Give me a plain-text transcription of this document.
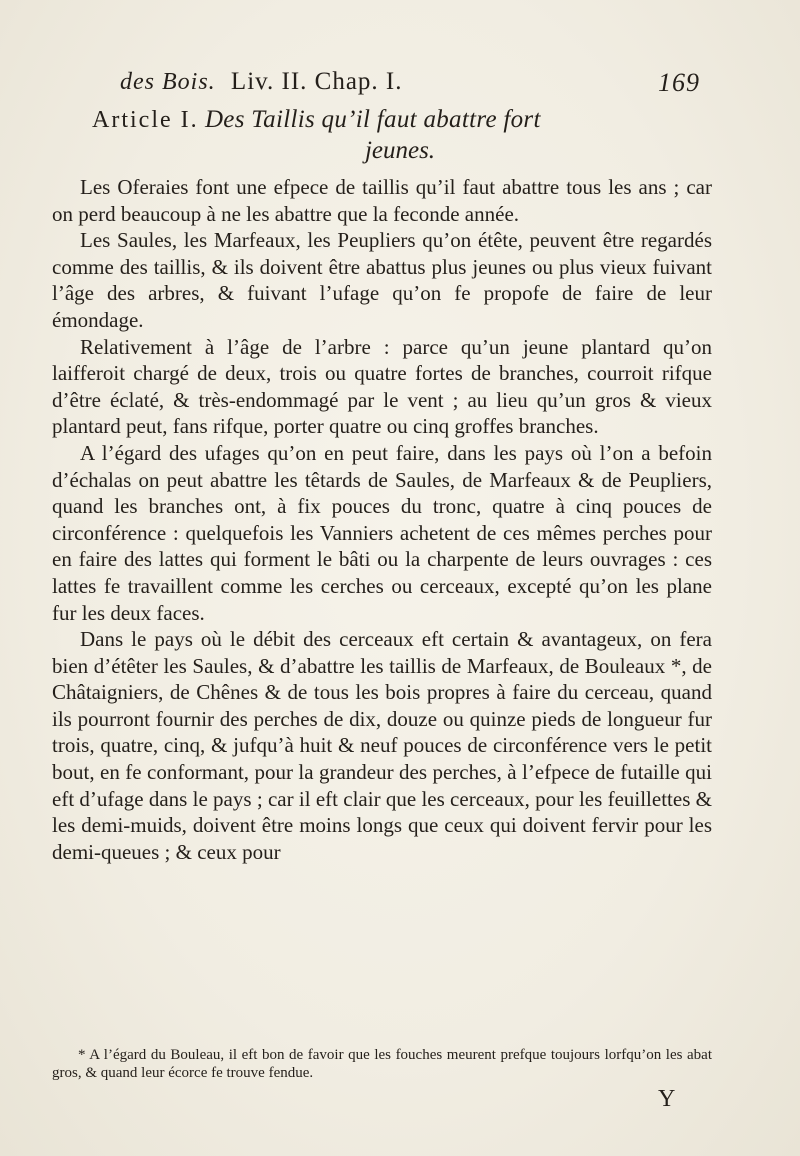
des Bois. Liv. II. Chap. I.	169
Article I. Des Taillis qu’il faut abattre fort
jeunes.

Les Oferaies font une efpece de taillis qu’il faut abattre tous les ans ; car on perd beaucoup à ne les abattre que la feconde année.

Les Saules, les Marfeaux, les Peupliers qu’on étête, peuvent être regardés comme des taillis, & ils doivent être abattus plus jeunes ou plus vieux fuivant l’âge des arbres, & fuivant l’ufage qu’on fe propofe de faire de leur émondage.

Relativement à l’âge de l’arbre : parce qu’un jeune plantard qu’on laifferoit chargé de deux, trois ou quatre fortes de branches, courroit rifque d’être éclaté, & très-endommagé par le vent ; au lieu qu’un gros & vieux plantard peut, fans rifque, porter quatre ou cinq groffes branches.

A l’égard des ufages qu’on en peut faire, dans les pays où l’on a befoin d’échalas on peut abattre les têtards de Saules, de Marfeaux & de Peupliers, quand les branches ont, à fix pouces du tronc, quatre à cinq pouces de circonférence : quelquefois les Vanniers achetent de ces mêmes perches pour en faire des lattes qui forment le bâti ou la charpente de leurs ouvrages : ces lattes fe travaillent comme les cerches ou cerceaux, excepté qu’on les plane fur les deux faces.

Dans le pays où le débit des cerceaux eft certain & avantageux, on fera bien d’étêter les Saules, & d’abattre les taillis de Marfeaux, de Bouleaux *, de Châtaigniers, de Chênes & de tous les bois propres à faire du cerceau, quand ils pourront fournir des perches de dix, douze ou quinze pieds de longueur fur trois, quatre, cinq, & jufqu’à huit & neuf pouces de circonférence vers le petit bout, en fe conformant, pour la grandeur des perches, à l’efpece de futaille qui eft d’ufage dans le pays ; car il eft clair que les cerceaux, pour les feuillettes & les demi-muids, doivent être moins longs que ceux qui doivent fervir pour les demi-queues ; & ceux pour

* A l’égard du Bouleau, il eft bon de favoir que les fouches meurent prefque toujours lorfqu’on les abat gros, & quand leur écorce fe trouve fendue.

Y
